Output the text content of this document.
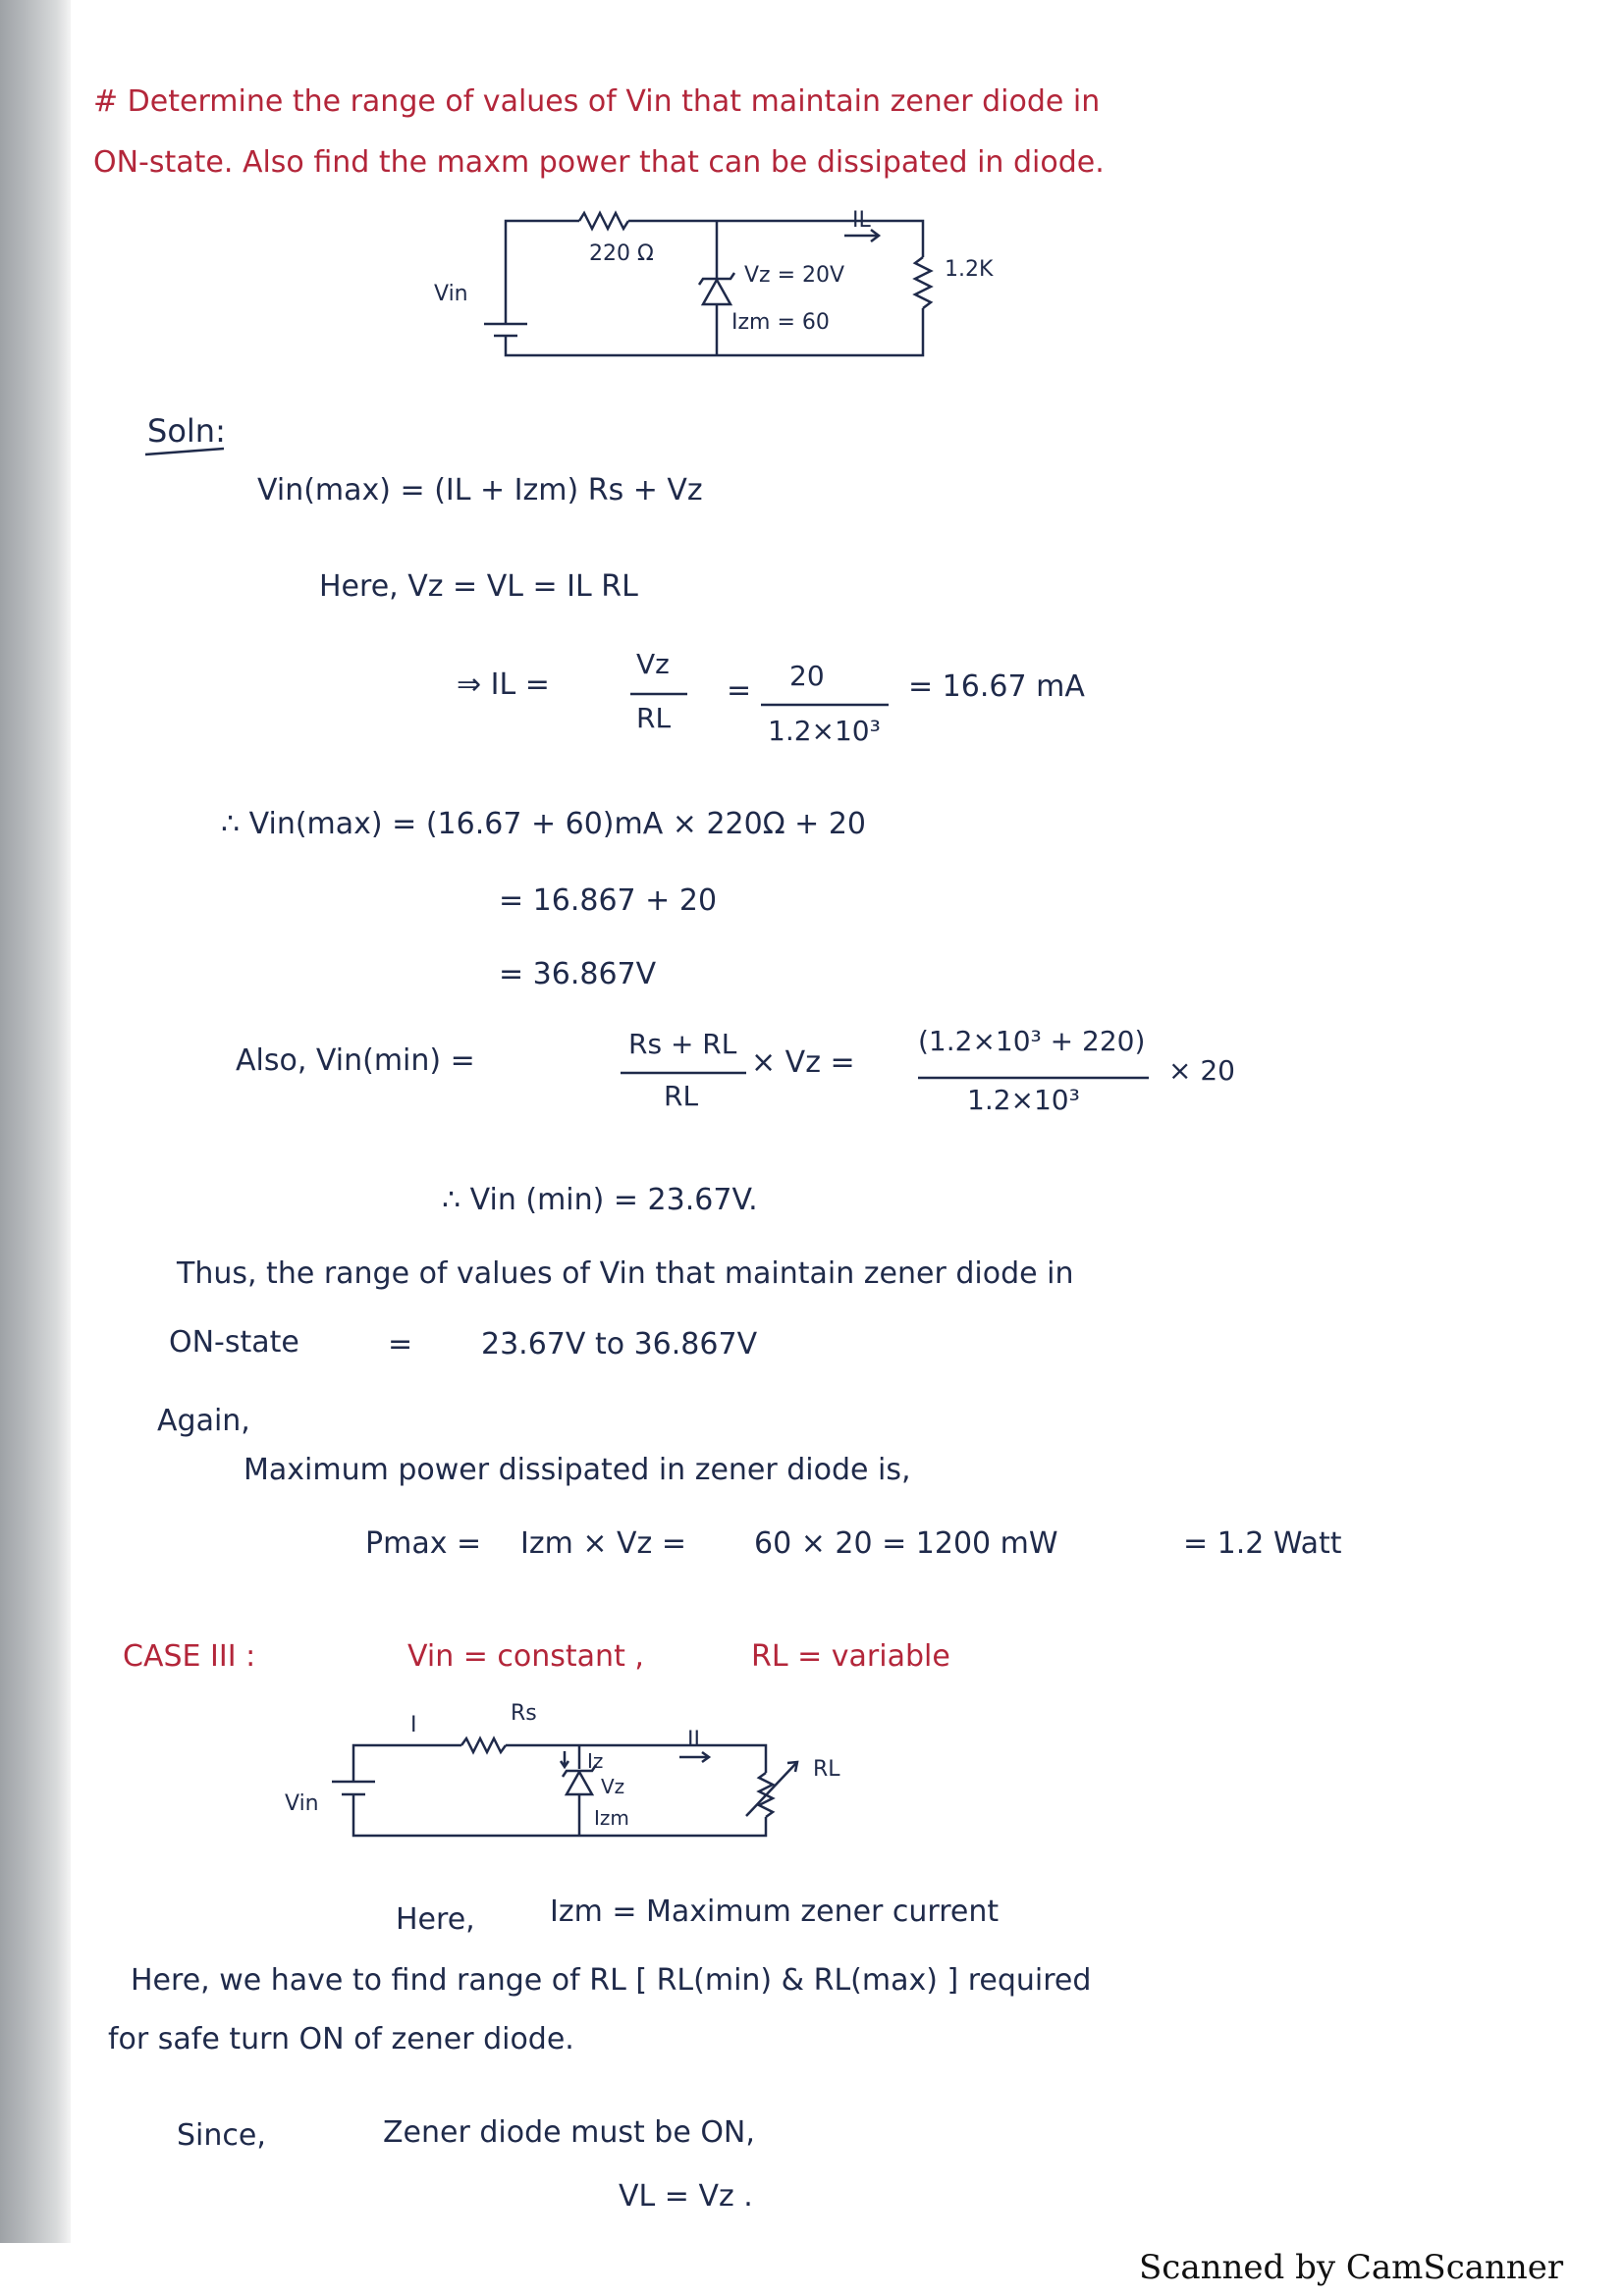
# Determine the range of values of Vin that maintain zener diode in
ON-state. Also find the maxm power that can be dissipated in diode.
220 Ω
IL
1.2K
Vz = 20V
Izm = 60
Vin
Soln:
Vin(max) = (IL + Izm) Rs + Vz
Here, Vz = VL = IL RL
⇒ IL =
Vz
RL
= 20
1.2×10³
= 16.67 mA
∴ Vin(max) = (16.67 + 60)mA × 220Ω + 20
= 16.867 + 20
= 36.867V
Also, Vin(min) =	Rs + RL
RL
× Vz =
(1.2×10³ + 220)
1.2×10³
× 20
∴ Vin (min) = 23.67V.
Thus, the range of values of Vin that maintain zener diode in
ON-state	= 23.67V to 36.867V
Again,
Maximum power dissipated in zener diode is,
Pmax = Izm × Vz = 60 × 20 = 1200 mW	= 1.2 Watt
CASE III :	Vin = constant ,	RL = variable
I	Rs
Iz
IL
Vz
Izm
RL
Vin
Here,	Izm = Maximum zener current
Here, we have to find range of RL [ RL(min) & RL(max) ] required
for safe turn ON of zener diode.
Since,	Zener diode must be ON,
VL = Vz .
Scanned by CamScanner
